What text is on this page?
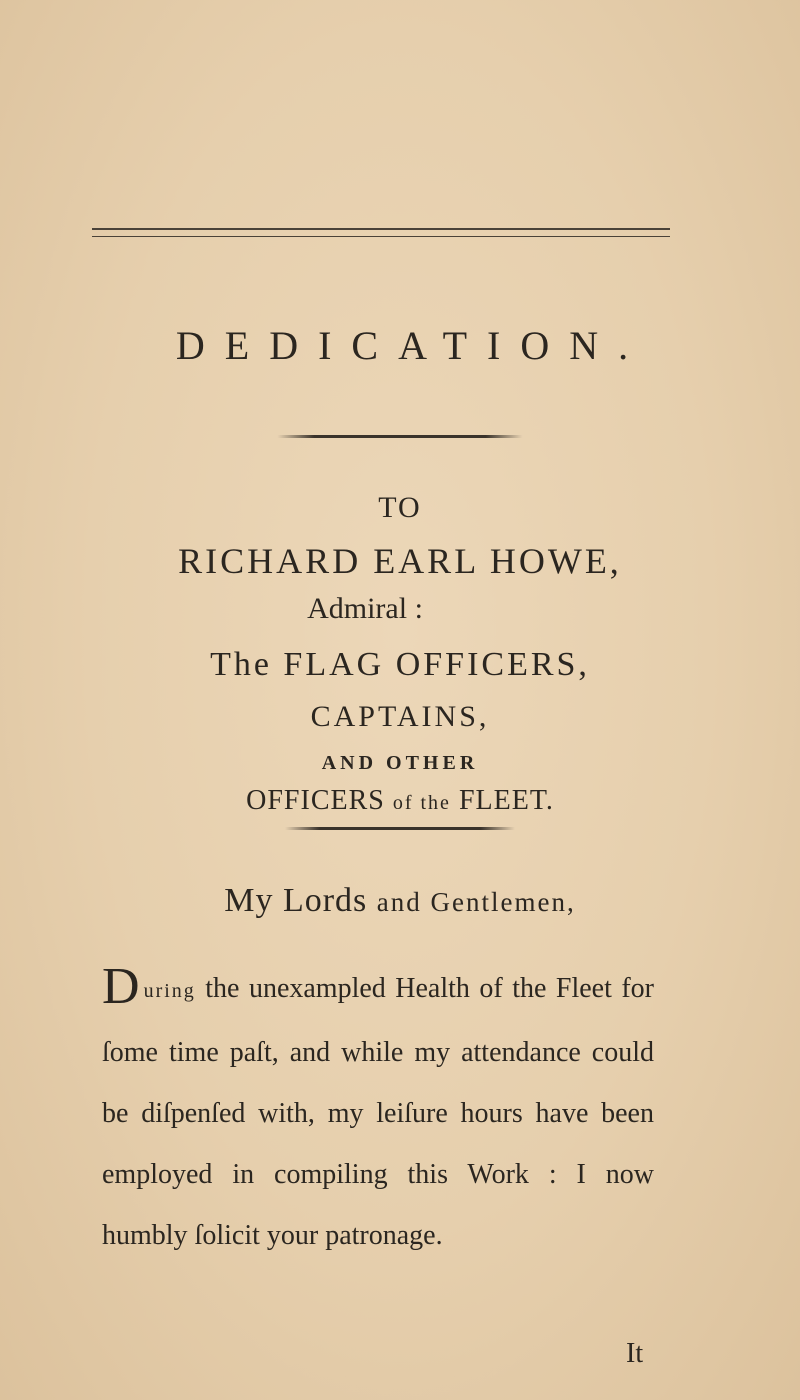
DEDICATION.
TO
RICHARD EARL HOWE,
Admiral :
The FLAG OFFICERS,
CAPTAINS,
AND OTHER
OFFICERS of the FLEET.
My Lords and Gentlemen,

During the unexampled Health of the Fleet for ſome time paſt, and while my attendance could be diſpenſed with, my leiſure hours have been employed in compiling this Work : I now humbly ſolicit your patronage.

It
